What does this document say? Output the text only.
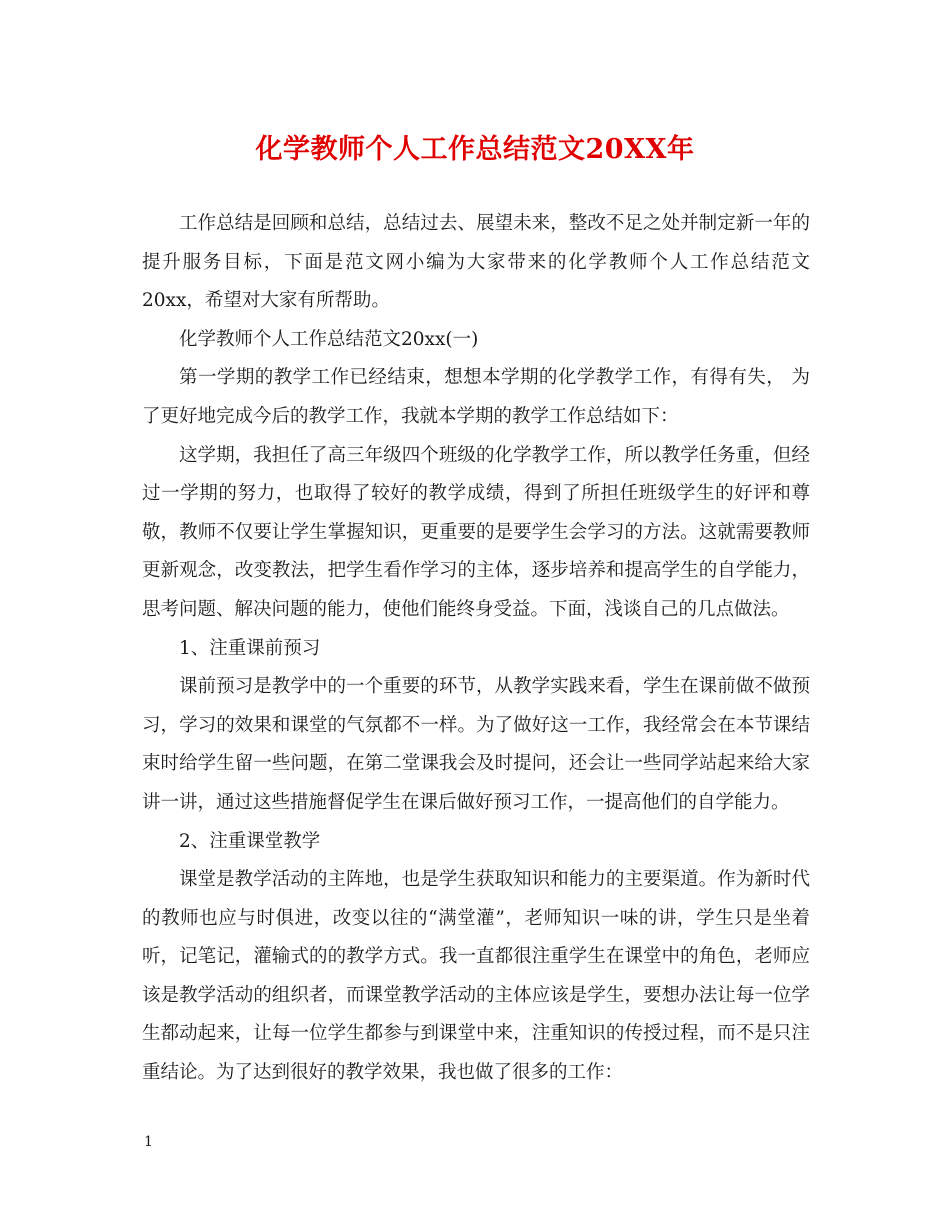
化学教师个人工作总结范文20XX年

工作总结是回顾和总结，总结过去、展望未来，整改不足之处并制定新一年的提升服务目标，下面是范文网小编为大家带来的化学教师个人工作总结范文20xx，希望对大家有所帮助。

化学教师个人工作总结范文20xx(一)

第一学期的教学工作已经结束，想想本学期的化学教学工作，有得有失， 为了更好地完成今后的教学工作，我就本学期的教学工作总结如下：

这学期，我担任了高三年级四个班级的化学教学工作，所以教学任务重，但经过一学期的努力，也取得了较好的教学成绩，得到了所担任班级学生的好评和尊敬，教师不仅要让学生掌握知识，更重要的是要学生会学习的方法。这就需要教师更新观念，改变教法，把学生看作学习的主体，逐步培养和提高学生的自学能力，思考问题、解决问题的能力，使他们能终身受益。下面，浅谈自己的几点做法。

1、注重课前预习

课前预习是教学中的一个重要的环节，从教学实践来看，学生在课前做不做预习，学习的效果和课堂的气氛都不一样。为了做好这一工作，我经常会在本节课结束时给学生留一些问题，在第二堂课我会及时提问，还会让一些同学站起来给大家讲一讲，通过这些措施督促学生在课后做好预习工作，一提高他们的自学能力。

2、注重课堂教学

课堂是教学活动的主阵地，也是学生获取知识和能力的主要渠道。作为新时代的教师也应与时俱进，改变以往的“满堂灌”，老师知识一味的讲，学生只是坐着听，记笔记，灌输式的的教学方式。我一直都很注重学生在课堂中的角色，老师应该是教学活动的组织者，而课堂教学活动的主体应该是学生，要想办法让每一位学生都动起来，让每一位学生都参与到课堂中来，注重知识的传授过程，而不是只注重结论。为了达到很好的教学效果，我也做了很多的工作：

1
